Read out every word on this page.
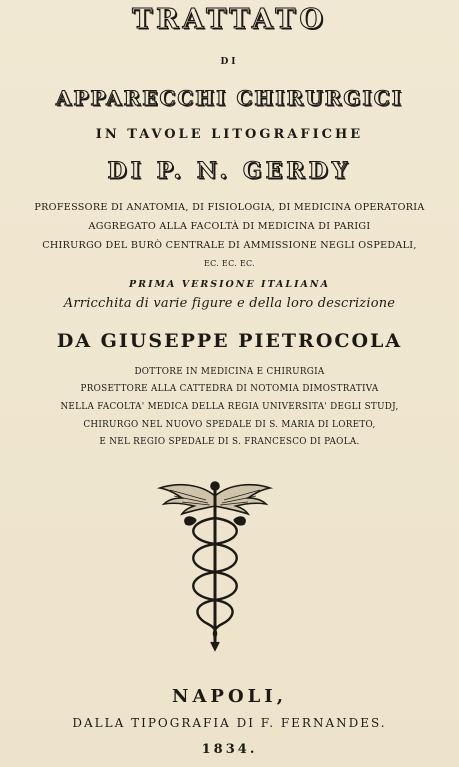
TRATTATO
DI
APPARECCHI CHIRURGICI
IN TAVOLE LITOGRAFICHE
DI P. N. GERDY
PROFESSORE DI ANATOMIA, DI FISIOLOGIA, DI MEDICINA OPERATORIA
AGGREGATO ALLA FACOLTÀ DI MEDICINA DI PARIGI
CHIRURGO DEL BURÒ CENTRALE DI AMMISSIONE NEGLI OSPEDALI,
EC. EC. EC.
PRIMA VERSIONE ITALIANA
Arricchita di varie figure e della loro descrizione
DA GIUSEPPE PIETROCOLA
DOTTORE IN MEDICINA E CHIRURGIA
PROSETTORE ALLA CATTEDRA DI NOTOMIA DIMOSTRATIVA
NELLA FACOLTA' MEDICA DELLA REGIA UNIVERSITA' DEGLI STUDJ,
CHIRURGO NEL NUOVO SPEDALE DI S. MARIA DI LORETO,
E NEL REGIO SPEDALE DI S. FRANCESCO DI PAOLA.
NAPOLI,
DALLA TIPOGRAFIA DI F. FERNANDES.
1834.
